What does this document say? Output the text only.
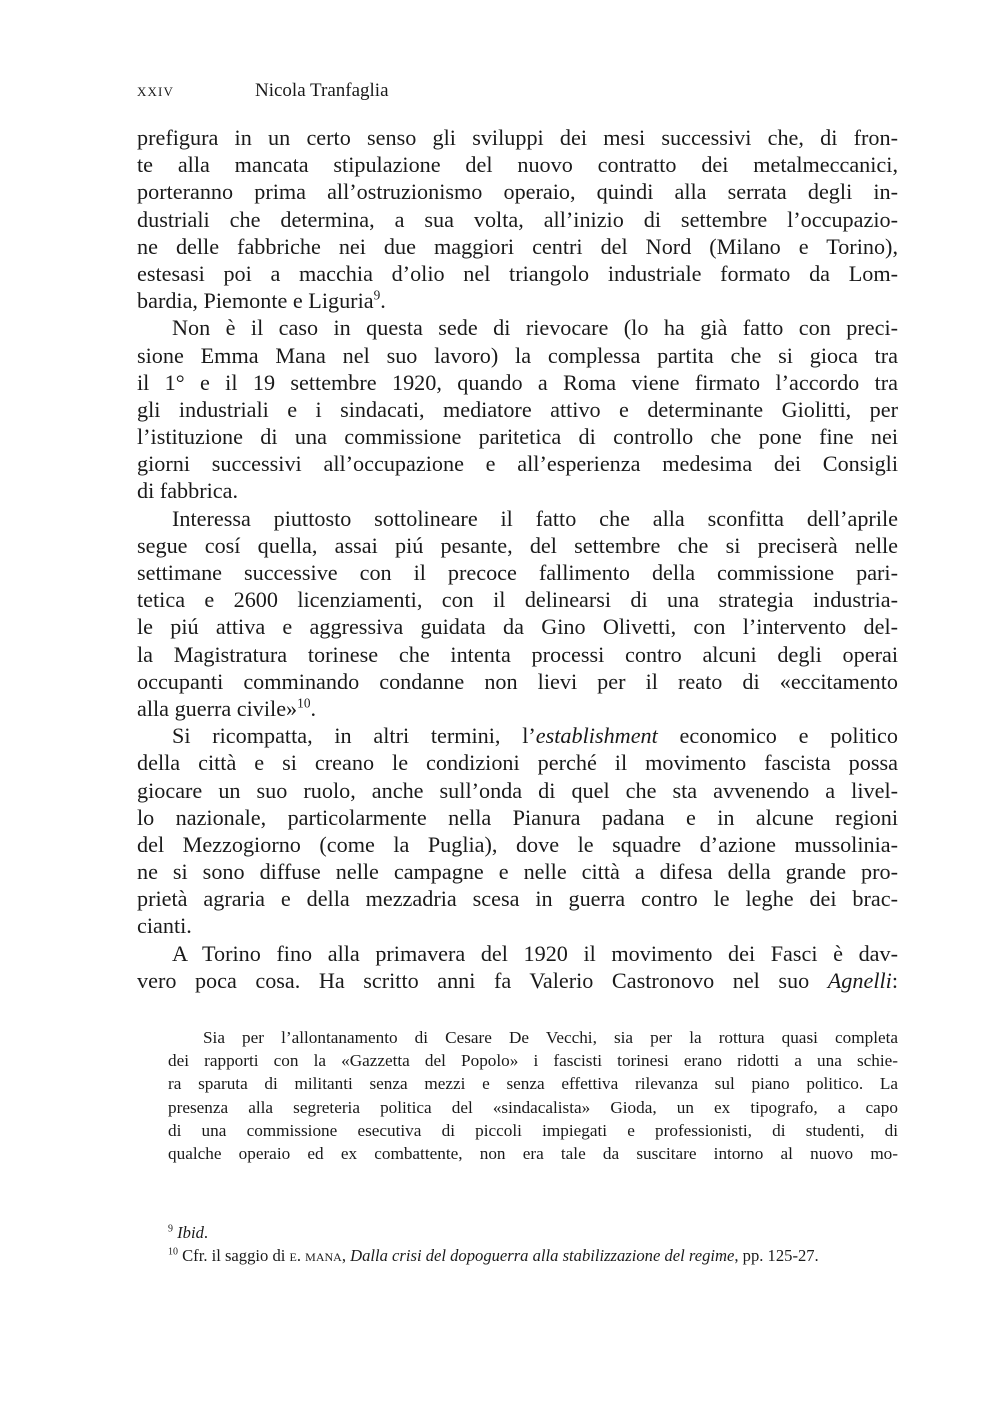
xxiv	Nicola Tranfaglia
prefigura in un certo senso gli sviluppi dei mesi successivi che, di fron-
te alla mancata stipulazione del nuovo contratto dei metalmeccanici,
porteranno prima all’ostruzionismo operaio, quindi alla serrata degli in-
dustriali che determina, a sua volta, all’inizio di settembre l’occupazio-
ne delle fabbriche nei due maggiori centri del Nord (Milano e Torino),
estesasi poi a macchia d’olio nel triangolo industriale formato da Lom-
bardia, Piemonte e Liguria$^9$.
Non è il caso in questa sede di rievocare (lo ha già fatto con preci-
sione Emma Mana nel suo lavoro) la complessa partita che si gioca tra
il 1° e il 19 settembre 1920, quando a Roma viene firmato l’accordo tra
gli industriali e i sindacati, mediatore attivo e determinante Giolitti, per
l’istituzione di una commissione paritetica di controllo che pone fine nei
giorni successivi all’occupazione e all’esperienza medesima dei Consigli
di fabbrica.
Interessa piuttosto sottolineare il fatto che alla sconfitta dell’aprile
segue cosí quella, assai piú pesante, del settembre che si preciserà nelle
settimane successive con il precoce fallimento della commissione pari-
tetica e 2600 licenziamenti, con il delinearsi di una strategia industria-
le piú attiva e aggressiva guidata da Gino Olivetti, con l’intervento del-
la Magistratura torinese che intenta processi contro alcuni degli operai
occupanti comminando condanne non lievi per il reato di «eccitamento
alla guerra civile»$^{10}$.
Si ricompatta, in altri termini, l’establishment economico e politico
della città e si creano le condizioni perché il movimento fascista possa
giocare un suo ruolo, anche sull’onda di quel che sta avvenendo a livel-
lo nazionale, particolarmente nella Pianura padana e in alcune regioni
del Mezzogiorno (come la Puglia), dove le squadre d’azione mussolinia-
ne si sono diffuse nelle campagne e nelle città a difesa della grande pro-
prietà agraria e della mezzadria scesa in guerra contro le leghe dei brac-
cianti.
A Torino fino alla primavera del 1920 il movimento dei Fasci è dav-
vero poca cosa. Ha scritto anni fa Valerio Castronovo nel suo Agnelli:
Sia per l’allontanamento di Cesare De Vecchi, sia per la rottura quasi completa
dei rapporti con la «Gazzetta del Popolo» i fascisti torinesi erano ridotti a una schie-
ra sparuta di militanti senza mezzi e senza effettiva rilevanza sul piano politico. La
presenza alla segreteria politica del «sindacalista» Gioda, un ex tipografo, a capo
di una commissione esecutiva di piccoli impiegati e professionisti, di studenti, di
qualche operaio ed ex combattente, non era tale da suscitare intorno al nuovo mo-
$^9$ Ibid.
$^{10}$ Cfr. il saggio di e. mana, Dalla crisi del dopoguerra alla stabilizzazione del regime, pp. 125-27.
